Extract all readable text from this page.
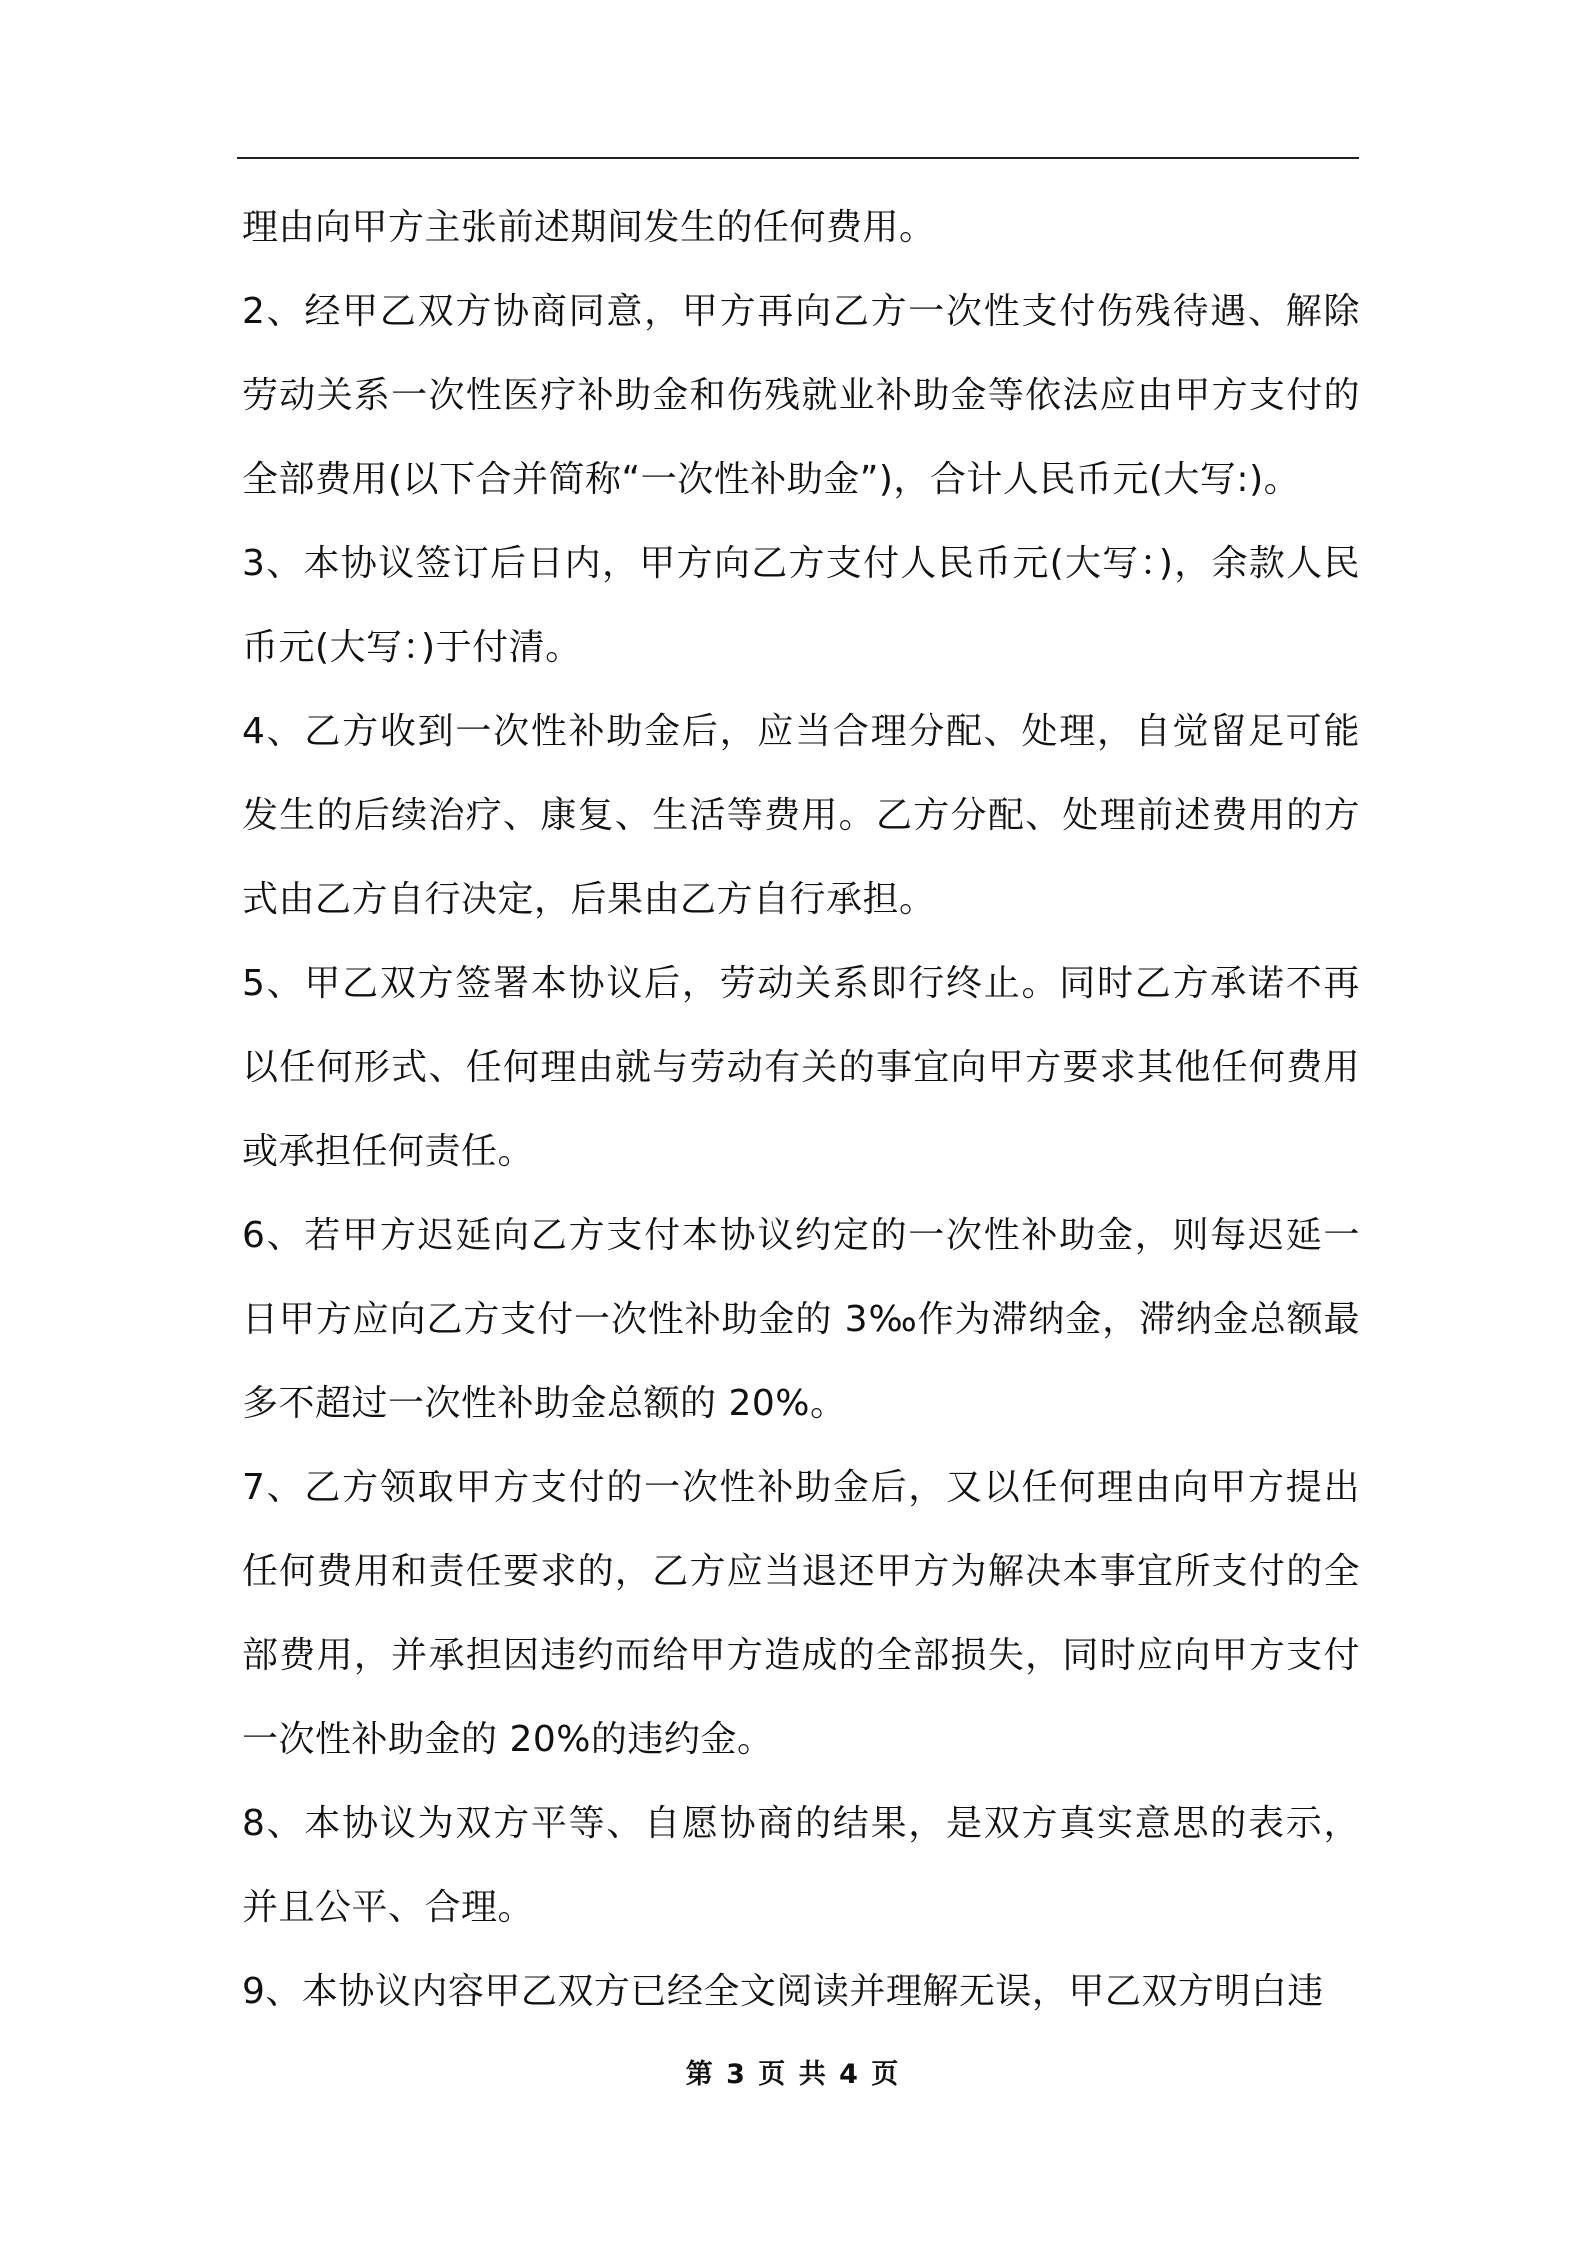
理由向甲方主张前述期间发生的任何费用。

2、经甲乙双方协商同意，甲方再向乙方一次性支付伤残待遇、解除劳动关系一次性医疗补助金和伤残就业补助金等依法应由甲方支付的全部费用(以下合并简称“一次性补助金”)，合计人民币元(大写:)。

3、本协议签订后日内，甲方向乙方支付人民币元(大写：)，余款人民币元(大写：)于付清。

4、乙方收到一次性补助金后，应当合理分配、处理，自觉留足可能发生的后续治疗、康复、生活等费用。乙方分配、处理前述费用的方式由乙方自行决定，后果由乙方自行承担。

5、甲乙双方签署本协议后，劳动关系即行终止。同时乙方承诺不再以任何形式、任何理由就与劳动有关的事宜向甲方要求其他任何费用或承担任何责任。

6、若甲方迟延向乙方支付本协议约定的一次性补助金，则每迟延一日甲方应向乙方支付一次性补助金的 3‰作为滞纳金，滞纳金总额最多不超过一次性补助金总额的 20%。

7、乙方领取甲方支付的一次性补助金后，又以任何理由向甲方提出任何费用和责任要求的，乙方应当退还甲方为解决本事宜所支付的全部费用，并承担因违约而给甲方造成的全部损失，同时应向甲方支付一次性补助金的 20%的违约金。

8、本协议为双方平等、自愿协商的结果，是双方真实意思的表示，并且公平、合理。

9、本协议内容甲乙双方已经全文阅读并理解无误，甲乙双方明白违

第 3 页 共 4 页
